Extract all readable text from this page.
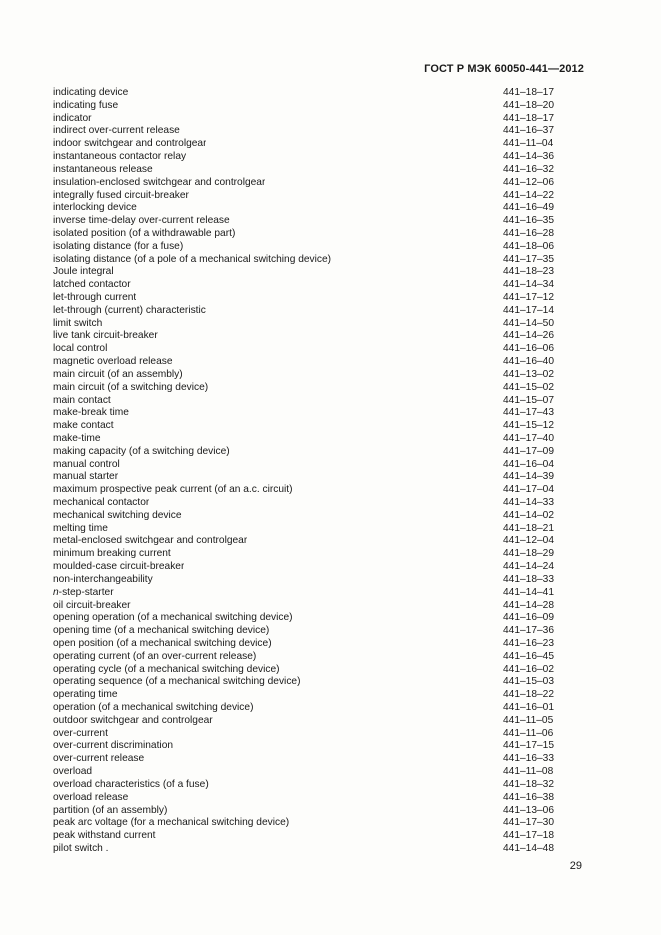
ГОСТ Р МЭК 60050-441—2012
indicating device	441–18–17
indicating fuse	441–18–20
indicator	441–18–17
indirect over-current release	441–16–37
indoor switchgear and controlgear	441–11–04
instantaneous contactor relay	441–14–36
instantaneous release	441–16–32
insulation-enclosed switchgear and controlgear	441–12–06
integrally fused circuit-breaker	441–14–22
interlocking device	441–16–49
inverse time-delay over-current release	441–16–35
isolated position (of a withdrawable part)	441–16–28
isolating distance (for a fuse)	441–18–06
isolating distance (of a pole of a mechanical switching device)	441–17–35
Joule integral	441–18–23
latched contactor	441–14–34
let-through current	441–17–12
let-through (current) characteristic	441–17–14
limit switch	441–14–50
live tank circuit-breaker	441–14–26
local control	441–16–06
magnetic overload release	441–16–40
main circuit (of an assembly)	441–13–02
main circuit (of a switching device)	441–15–02
main contact	441–15–07
make-break time	441–17–43
make contact	441–15–12
make-time	441–17–40
making capacity (of a switching device)	441–17–09
manual control	441–16–04
manual starter	441–14–39
maximum prospective peak current (of an a.c. circuit)	441–17–04
mechanical contactor	441–14–33
mechanical switching device	441–14–02
melting time	441–18–21
metal-enclosed switchgear and controlgear	441–12–04
minimum breaking current	441–18–29
moulded-case circuit-breaker	441–14–24
non-interchangeability	441–18–33
n-step-starter	441–14–41
oil circuit-breaker	441–14–28
opening operation (of a mechanical switching device)	441–16–09
opening time (of a mechanical switching device)	441–17–36
open position (of a mechanical switching device)	441–16–23
operating current (of an over-current release)	441–16–45
operating cycle (of a mechanical switching device)	441–16–02
operating sequence (of a mechanical switching device)	441–15–03
operating time	441–18–22
operation (of a mechanical switching device)	441–16–01
outdoor switchgear and controlgear	441–11–05
over-current	441–11–06
over-current discrimination	441–17–15
over-current release	441–16–33
overload	441–11–08
overload characteristics (of a fuse)	441–18–32
overload release	441–16–38
partition (of an assembly)	441–13–06
peak arc voltage (for a mechanical switching device)	441–17–30
peak withstand current	441–17–18
pilot switch .	441–14–48
29
